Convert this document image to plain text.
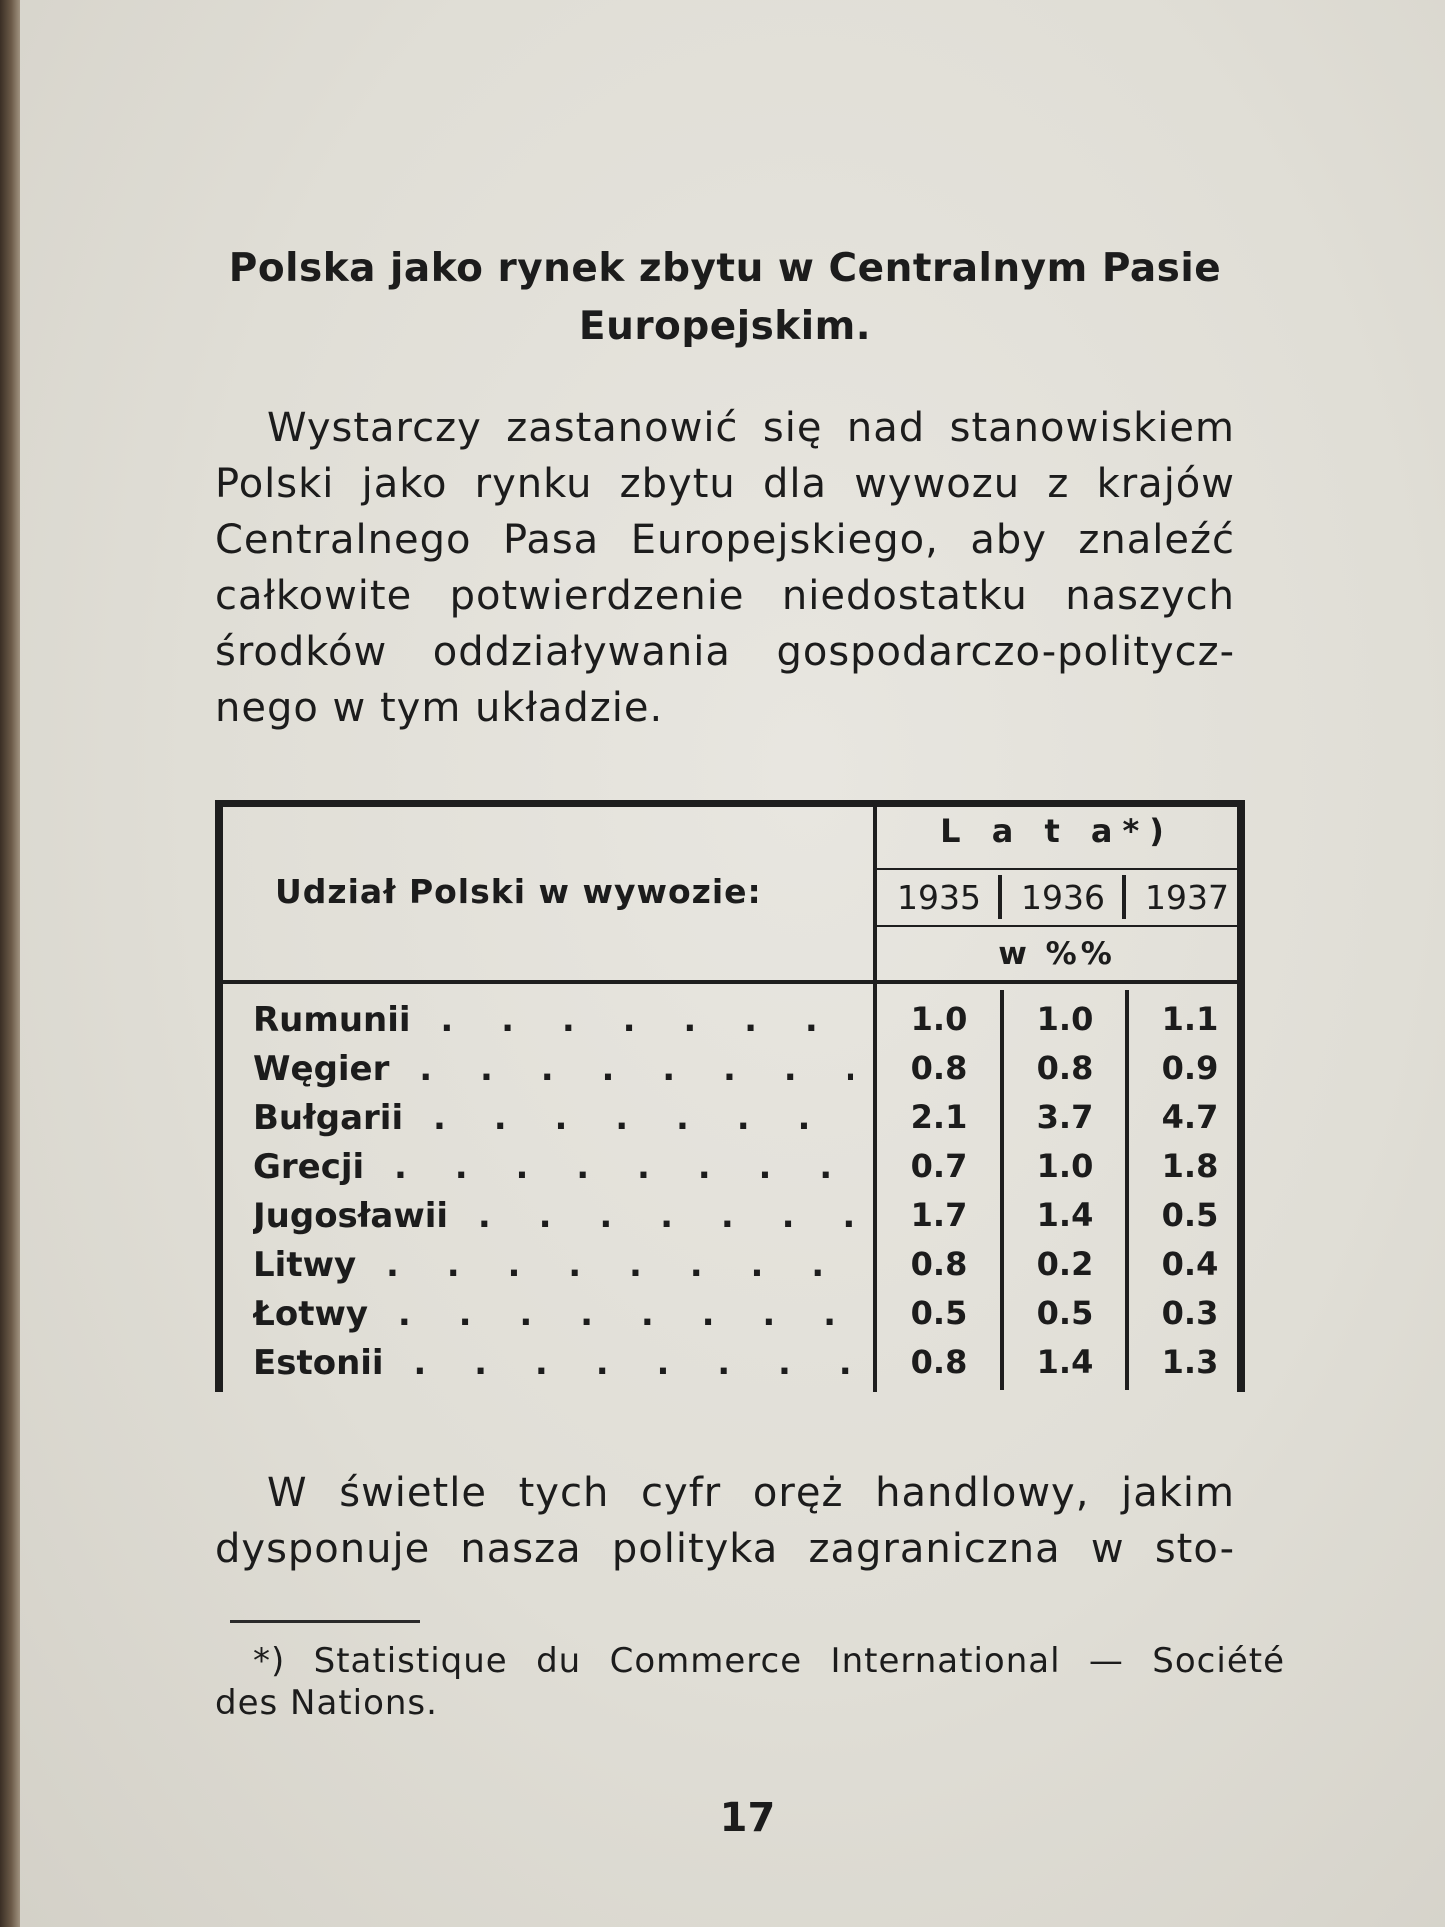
Polska jako rynek zbytu w Centralnym Pasie
Europejskim.
Wystarczy zastanowić się nad stanowiskiem
Polski jako rynku zbytu dla wywozu z krajów
Centralnego Pasa Europejskiego, aby znaleźć
całkowite potwierdzenie niedostatku naszych
środków oddziaływania gospodarczo-politycz-
nego w tym układzie.
Udział Polski w wywozie:
L a t a*)
1935	1936	1937
w %%
Rumunii . . .	1.0	1.0	1.1
Węgier . . .	0.8	0.8	0.9
Bułgarii . . .	2.1	3.7	4.7
Grecji . . .	0.7	1.0	1.8
Jugosławii . . .	1.7	1.4	0.5
Litwy . . .	0.8	0.2	0.4
Łotwy . . .	0.5	0.5	0.3
Estonii . . .	0.8	1.4	1.3
W świetle tych cyfr oręż handlowy, jakim
dysponuje nasza polityka zagraniczna w sto-
*) Statistique du Commerce International — Société
des Nations.
17
